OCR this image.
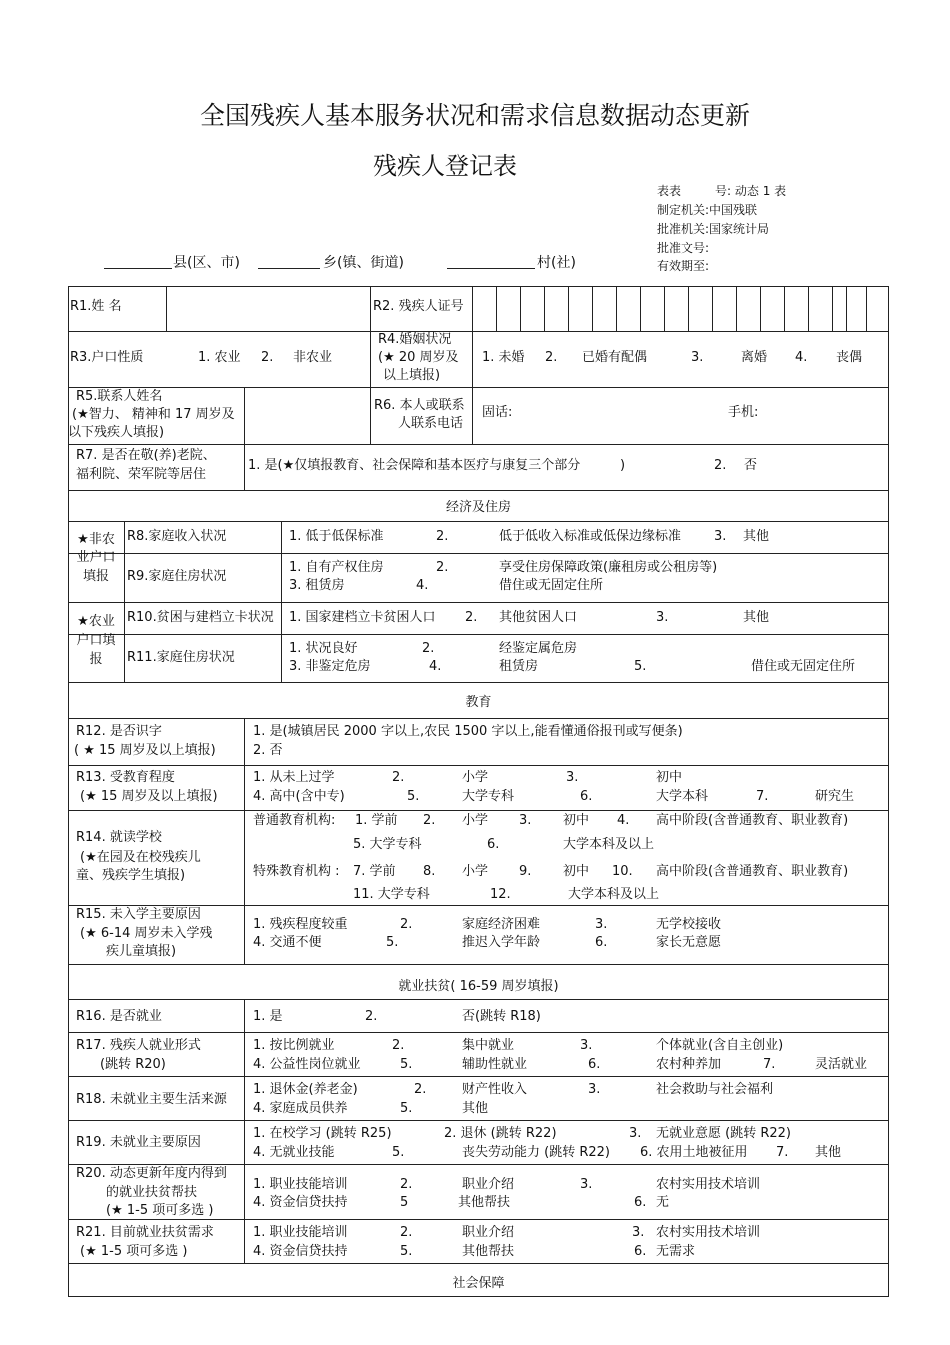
全国残疾人基本服务状况和需求信息数据动态更新
残疾人登记表
表表	号: 动态 1 表
制定机关:中国残联
批准机关:国家统计局
批准文号:
有效期至:
县(区、市)	乡(镇、街道)	村(社)
R1.姓 名	R2. 残疾人证号
R3.户口性质	1. 农业 2. 非农业
R4.婚姻状况
(★ 20 周岁及
以上填报)
1. 未婚 2. 已婚有配偶	3.	离婚 4. 丧偶
R5.联系人姓名
(★智力、 精神和 17 周岁及
以下残疾人填报)
R6. 本人或联系
人联系电话
固话:	手机:
R7. 是否在敬(养)老院、
福利院、荣军院等居住
1. 是(★仅填报教育、社会保障和基本医疗与康复三个部分	)	2. 否
经济及住房
★非农
业户口
填报
R8.家庭收入状况	1. 低于低保标准	2.	低于低收入标准或低保边缘标准	3. 其他
R9.家庭住房状况
1. 自有产权住房	2.	享受住房保障政策(廉租房或公租房等)
3. 租赁房	4.	借住或无固定住所
★农业
户口填
报
R10.贫困与建档立卡状况 1. 国家建档立卡贫困人口 2. 其他贫困人口	3.	其他
R11.家庭住房状况
1. 状况良好	2.	经鉴定属危房
3. 非鉴定危房	4.	租赁房	5.	借住或无固定住所
教育
R12. 是否识字
( ★ 15 周岁及以上填报)
1. 是(城镇居民 2000 字以上,农民 1500 字以上,能看懂通俗报刊或写便条)
2. 否
R13. 受教育程度
(★ 15 周岁及以上填报)
1. 从未上过学	2.	小学	3.	初中
4. 高中(含中专)	5.	大学专科	6.	大学本科	7.	研究生
R14. 就读学校
(★在园及在校残疾儿
童、残疾学生填报)
普通教育机构: 1. 学前 2. 小学 3. 初中 4. 高中阶段(含普通教育、职业教育)
5. 大学专科	6.	大学本科及以上
特殊教育机构 : 7. 学前 8. 小学 9. 初中 10. 高中阶段(含普通教育、职业教育)
11. 大学专科	12.	大学本科及以上
R15. 未入学主要原因
(★ 6-14 周岁未入学残
疾儿童填报)
1. 残疾程度较重	2.	家庭经济困难	3.	无学校接收
4. 交通不便	5.	推迟入学年龄	6.	家长无意愿
就业扶贫( 16-59 周岁填报)
R16. 是否就业	1. 是	2.	否(跳转 R18)
R17. 残疾人就业形式
(跳转 R20)
1. 按比例就业	2.	集中就业	3.	个体就业(含自主创业)
4. 公益性岗位就业	5.	辅助性就业	6.	农村种养加	7.	灵活就业
R18. 未就业主要生活来源
1. 退休金(养老金)	2.	财产性收入	3.	社会救助与社会福利
4. 家庭成员供养	5.	其他
R19. 未就业主要原因
1. 在校学习 (跳转 R25)	2. 退休 (跳转 R22)	3. 无就业意愿 (跳转 R22)
4. 无就业技能	5.	丧失劳动能力 (跳转 R22) 6. 农用土地被征用 7. 其他
R20. 动态更新年度内得到
的就业扶贫帮扶
(★ 1-5 项可多选 )
1. 职业技能培训	2.	职业介绍	3.	农村实用技术培训
4. 资金信贷扶持	5	其他帮扶	6. 无
R21. 目前就业扶贫需求
(★ 1-5 项可多选 )
1. 职业技能培训	2.	职业介绍	3. 农村实用技术培训
4. 资金信贷扶持	5.	其他帮扶	6. 无需求
社会保障
